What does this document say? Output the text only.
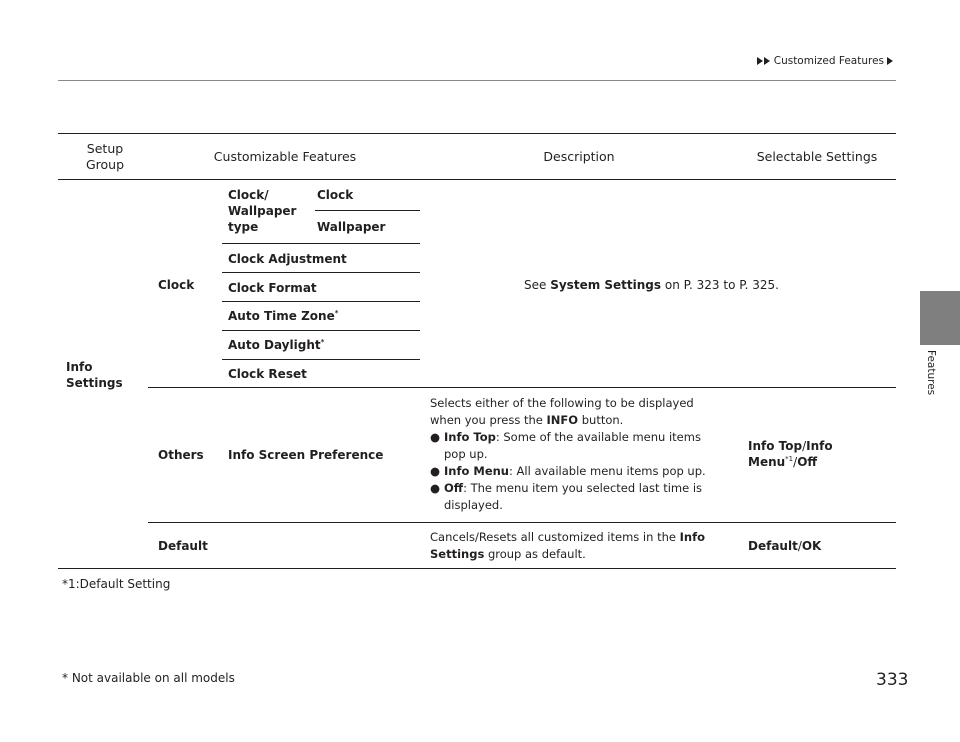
Customized Features
Features
Setup
Group
Customizable Features	Description	Selectable Settings
Info
Settings
Clock
Clock/
Wallpaper
type
Clock
Wallpaper
Clock Adjustment
Clock Format
Auto Time Zone*
Auto Daylight*
Clock Reset
See System Settings on P. 323 to P. 325.
Others Info Screen Preference
Selects either of the following to be displayed
when you press the INFO button.
● Info Top: Some of the available menu items
pop up.
● Info Menu: All available menu items pop up.
● Off: The menu item you selected last time is
displayed.
Info Top/Info
Menu$^{*1}$/Off
Default
Cancels/Resets all customized items in the Info
Settings group as default.
Default/OK
*1:Default Setting
333
* Not available on all models
